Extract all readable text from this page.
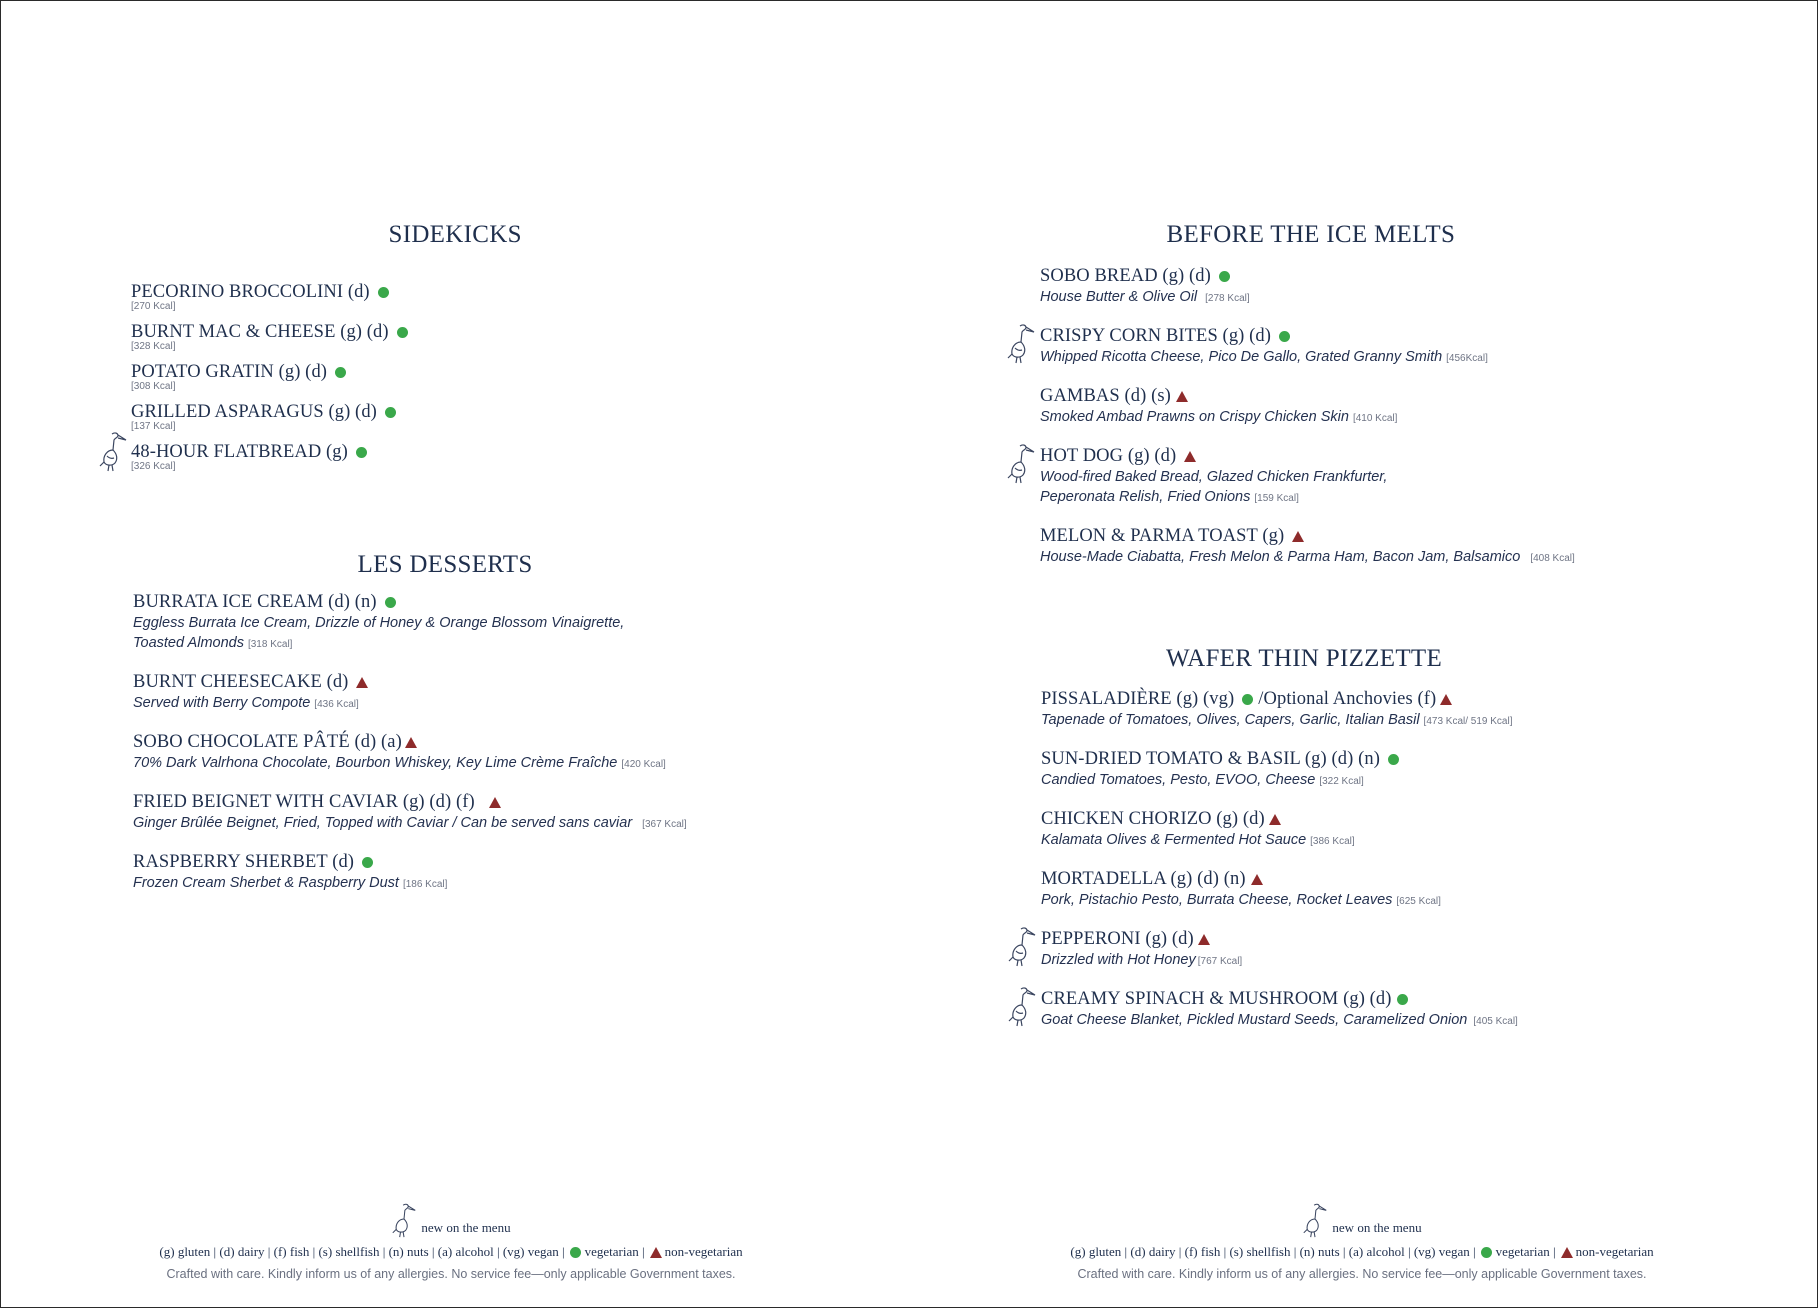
SIDEKICKS
PECORINO BROCCOLINI (d)
[270 Kcal]
BURNT MAC & CHEESE (g) (d)
[328 Kcal]
POTATO GRATIN (g) (d)
[308 Kcal]
GRILLED ASPARAGUS (g) (d)
[137 Kcal]
48-HOUR FLATBREAD (g)
[326 Kcal]
LES DESSERTS
BURRATA ICE CREAM (d) (n)
Eggless Burrata Ice Cream, Drizzle of Honey & Orange Blossom Vinaigrette,
Toasted Almonds [318 Kcal]
BURNT CHEESECAKE (d)
Served with Berry Compote [436 Kcal]
SOBO CHOCOLATE PÂTÉ (d) (a)
70% Dark Valrhona Chocolate, Bourbon Whiskey, Key Lime Crème Fraîche [420 Kcal]
FRIED BEIGNET WITH CAVIAR (g) (d) (f)
Ginger Brûlée Beignet, Fried, Topped with Caviar / Can be served sans caviar [367 Kcal]
RASPBERRY SHERBET (d)
Frozen Cream Sherbet & Raspberry Dust [186 Kcal]
new on the menu
(g) gluten | (d) dairy | (f) fish | (s) shellfish | (n) nuts | (a) alcohol | (vg) vegan | vegetarian | non-vegetarian
Crafted with care. Kindly inform us of any allergies. No service fee—only applicable Government taxes.
BEFORE THE ICE MELTS
SOBO BREAD (g) (d)
House Butter & Olive Oil [278 Kcal]
CRISPY CORN BITES (g) (d)
Whipped Ricotta Cheese, Pico De Gallo, Grated Granny Smith [456Kcal]
GAMBAS (d) (s)
Smoked Ambad Prawns on Crispy Chicken Skin [410 Kcal]
HOT DOG (g) (d)
Wood-fired Baked Bread, Glazed Chicken Frankfurter,
Peperonata Relish, Fried Onions [159 Kcal]
MELON & PARMA TOAST (g)
House-Made Ciabatta, Fresh Melon & Parma Ham, Bacon Jam, Balsamico [408 Kcal]
WAFER THIN PIZZETTE
PISSALADIÈRE (g) (vg) /Optional Anchovies (f)
Tapenade of Tomatoes, Olives, Capers, Garlic, Italian Basil [473 Kcal/ 519 Kcal]
SUN-DRIED TOMATO & BASIL (g) (d) (n)
Candied Tomatoes, Pesto, EVOO, Cheese [322 Kcal]
CHICKEN CHORIZO (g) (d)
Kalamata Olives & Fermented Hot Sauce [386 Kcal]
MORTADELLA (g) (d) (n)
Pork, Pistachio Pesto, Burrata Cheese, Rocket Leaves [625 Kcal]
PEPPERONI (g) (d)
Drizzled with Hot Honey [767 Kcal]
CREAMY SPINACH & MUSHROOM (g) (d)
Goat Cheese Blanket, Pickled Mustard Seeds, Caramelized Onion [405 Kcal]
new on the menu
(g) gluten | (d) dairy | (f) fish | (s) shellfish | (n) nuts | (a) alcohol | (vg) vegan | vegetarian | non-vegetarian
Crafted with care. Kindly inform us of any allergies. No service fee—only applicable Government taxes.
